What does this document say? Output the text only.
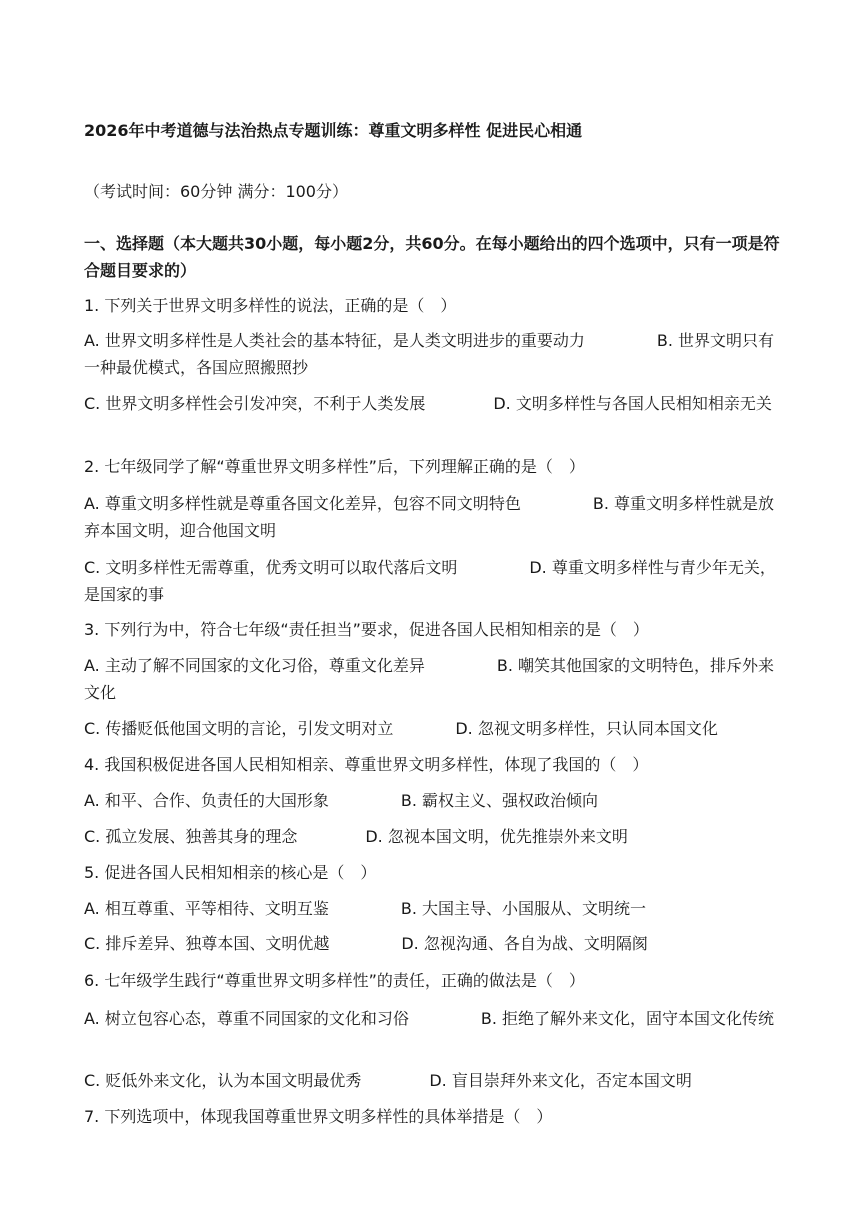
2026年中考道德与法治热点专题训练：尊重文明多样性 促进民心相通
（考试时间：60分钟 满分：100分）
一、选择题（本大题共30小题，每小题2分，共60分。在每小题给出的四个选项中，只有一项是符合题目要求的）
1. 下列关于世界文明多样性的说法，正确的是（　）
A. 世界文明多样性是人类社会的基本特征，是人类文明进步的重要动力	B. 世界文明只有一种最优模式，各国应照搬照抄
C. 世界文明多样性会引发冲突，不利于人类发展	D. 文明多样性与各国人民相知相亲无关
2. 七年级同学了解“尊重世界文明多样性”后，下列理解正确的是（　）
A. 尊重文明多样性就是尊重各国文化差异，包容不同文明特色	B. 尊重文明多样性就是放弃本国文明，迎合他国文明
C. 文明多样性无需尊重，优秀文明可以取代落后文明	D. 尊重文明多样性与青少年无关，是国家的事
3. 下列行为中，符合七年级“责任担当”要求，促进各国人民相知相亲的是（　）
A. 主动了解不同国家的文化习俗，尊重文化差异	B. 嘲笑其他国家的文明特色，排斥外来文化
C. 传播贬低他国文明的言论，引发文明对立	D. 忽视文明多样性，只认同本国文化
4. 我国积极促进各国人民相知相亲、尊重世界文明多样性，体现了我国的（　）
A. 和平、合作、负责任的大国形象	B. 霸权主义、强权政治倾向
C. 孤立发展、独善其身的理念	D. 忽视本国文明，优先推崇外来文明
5. 促进各国人民相知相亲的核心是（　）
A. 相互尊重、平等相待、文明互鉴	B. 大国主导、小国服从、文明统一
C. 排斥差异、独尊本国、文明优越	D. 忽视沟通、各自为战、文明隔阂
6. 七年级学生践行“尊重世界文明多样性”的责任，正确的做法是（　）
A. 树立包容心态，尊重不同国家的文化和习俗	B. 拒绝了解外来文化，固守本国文化传统
C. 贬低外来文化，认为本国文明最优秀	D. 盲目崇拜外来文化，否定本国文明
7. 下列选项中，体现我国尊重世界文明多样性的具体举措是（　）
